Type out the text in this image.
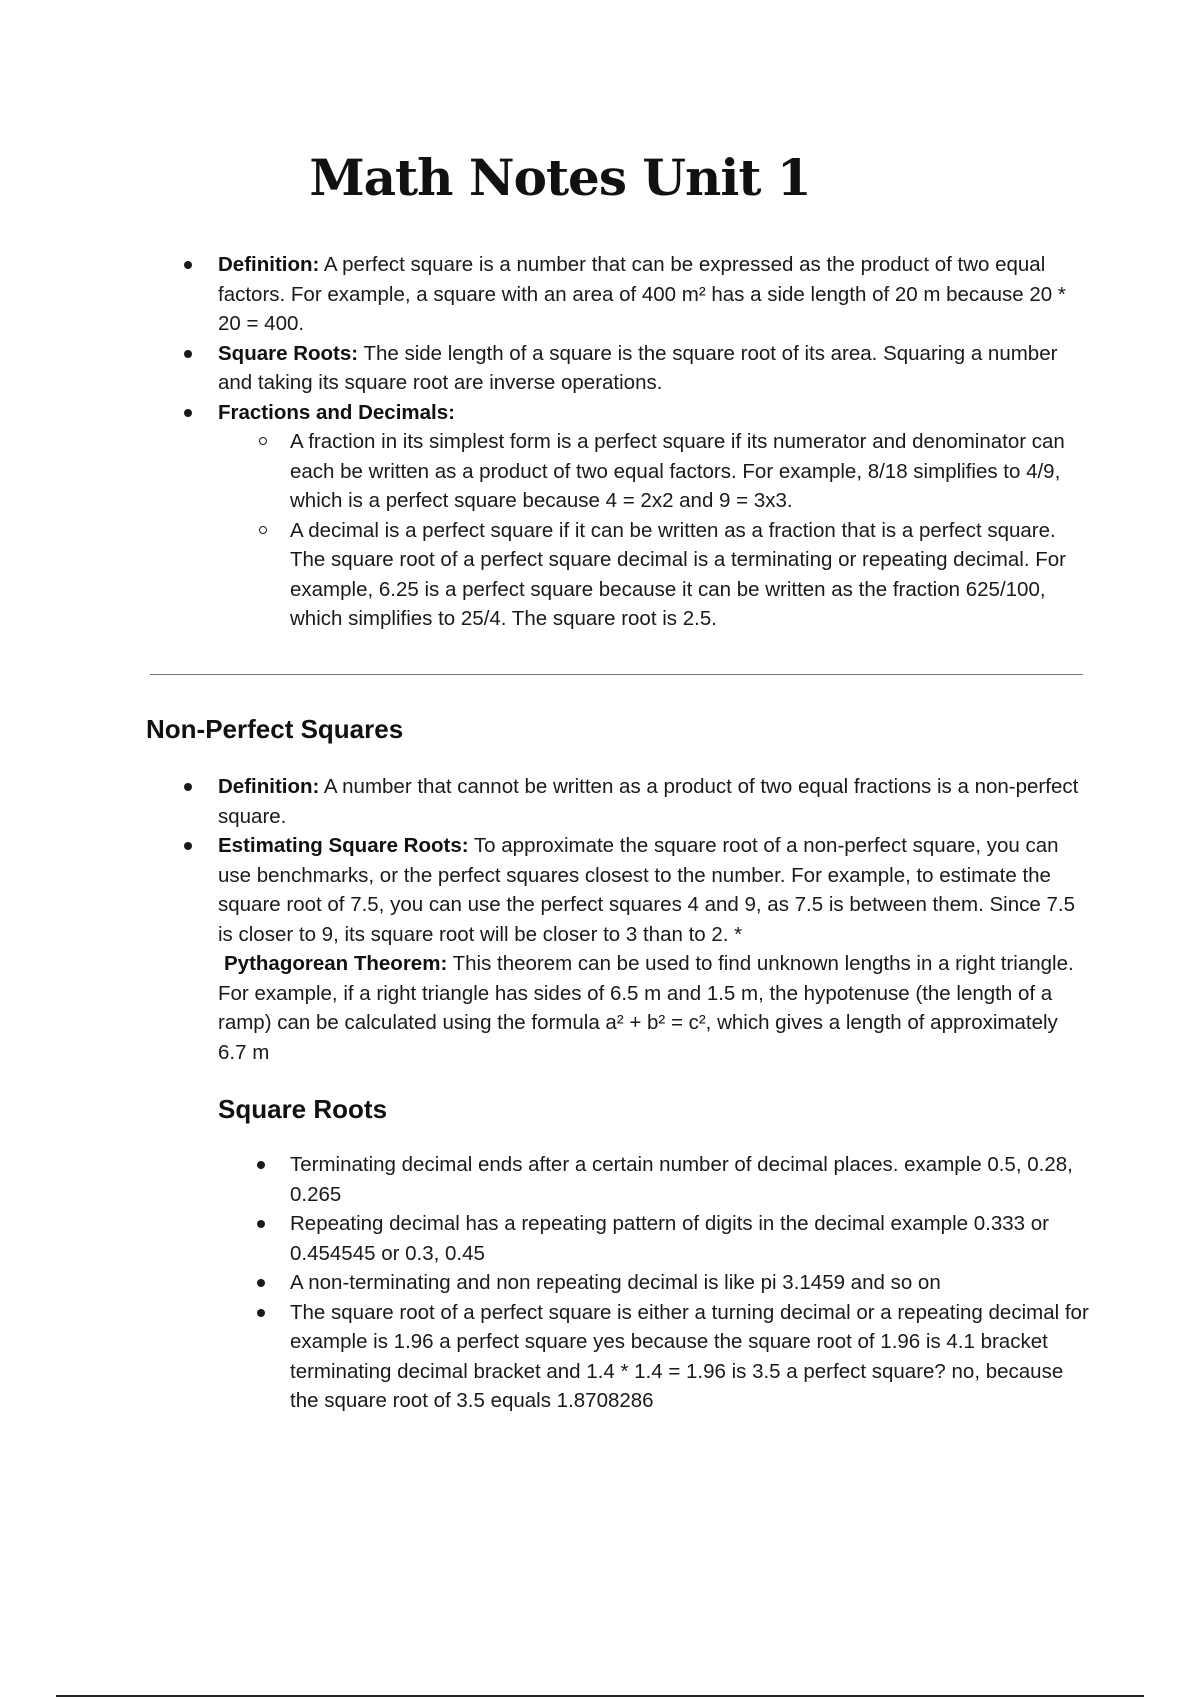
Math Notes Unit 1
Definition: A perfect square is a number that can be expressed as the product of two equal factors. For example, a square with an area of 400 m² has a side length of 20 m because 20 * 20 = 400.
Square Roots: The side length of a square is the square root of its area. Squaring a number and taking its square root are inverse operations.
Fractions and Decimals:
A fraction in its simplest form is a perfect square if its numerator and denominator can each be written as a product of two equal factors. For example, 8/18 simplifies to 4/9, which is a perfect square because 4 = 2x2 and 9 = 3x3.
A decimal is a perfect square if it can be written as a fraction that is a perfect square. The square root of a perfect square decimal is a terminating or repeating decimal. For example, 6.25 is a perfect square because it can be written as the fraction 625/100, which simplifies to 25/4. The square root is 2.5.
Non-Perfect Squares
Definition: A number that cannot be written as a product of two equal fractions is a non-perfect square.
Estimating Square Roots: To approximate the square root of a non-perfect square, you can use benchmarks, or the perfect squares closest to the number. For example, to estimate the square root of 7.5, you can use the perfect squares 4 and 9, as 7.5 is between them. Since 7.5 is closer to 9, its square root will be closer to 3 than to 2. *
Pythagorean Theorem: This theorem can be used to find unknown lengths in a right triangle. For example, if a right triangle has sides of 6.5 m and 1.5 m, the hypotenuse (the length of a ramp) can be calculated using the formula a² + b² = c², which gives a length of approximately 6.7 m
Square Roots
Terminating decimal ends after a certain number of decimal places. example 0.5, 0.28, 0.265
Repeating decimal has a repeating pattern of digits in the decimal example 0.333 or 0.454545 or 0.3, 0.45
A non-terminating and non repeating decimal is like pi 3.1459 and so on
The square root of a perfect square is either a turning decimal or a repeating decimal for example is 1.96 a perfect square yes because the square root of 1.96 is 4.1 bracket terminating decimal bracket and 1.4 * 1.4 = 1.96 is 3.5 a perfect square? no, because the square root of 3.5 equals 1.8708286
